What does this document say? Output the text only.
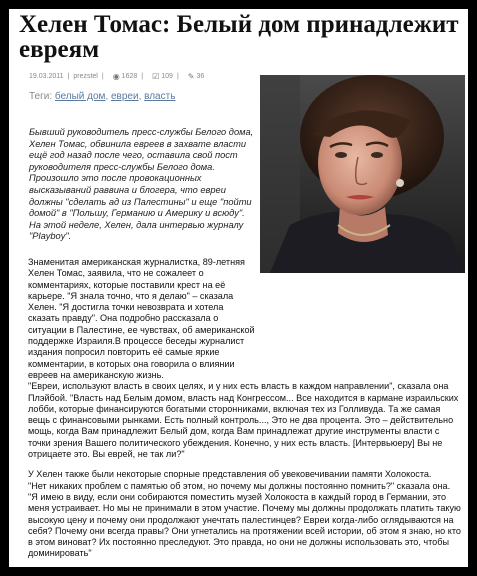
Хелен Томас: Белый дом принадлежит евреям
19.03.2011 | prezstel | ◉ 1628 | ☑ 109 | ✎ 36
Теги: белый дом, евреи, власть

Бывший руководитель пресс-службы Белого дома, Хелен Томас, обвинила евреев в захвате власти ещё год назад после чего, оставила свой пост руководителя пресс-службы Белого дома. Произошло это после провокационных высказываний раввина и блогера, что евреи должны "сделать ад из Палестины" и еще "пойти домой" в "Польшу, Германию и Америку и всюду". На этой неделе, Хелен, дала интервью журналу "Playboy".

Знаменитая американская журналистка, 89-летняя Хелен Томас, заявила, что не сожалеет о комментариях, которые поставили крест на её карьере. "Я знала точно, что я делаю" – сказала Хелен. "Я достигла точки невозврата и хотела сказать правду". Она подробно рассказала о ситуации в Палестине, ее чувствах, об американской поддержке Израиля.В процессе беседы журналист издания попросил повторить её самые яркие комментарии, в которых она говорила о влиянии евреев на американскую жизнь.

"Евреи, используют власть в своих целях, и у них есть власть в каждом направлении", сказала она Плэйбой. "Власть над Белым домом, власть над Конгрессом... Все находится в кармане израильских лобби, которые финансируются богатыми сторонниками, включая тех из Голливуда. Та же самая вещь с финансовыми рынками. Есть полный контроль..., Это не два процента. Это – действительно мощь, когда Вам принадлежит Белый дом, когда Вам принадлежат другие инструменты власти с точки зрения Вашего политического убеждения. Конечно, у них есть власть. [Интервьюеру] Вы не отрицаете это. Вы еврей, не так ли?"

У Хелен также были некоторые спорные представления об увековечивании памяти Холокоста.

"Нет никаких проблем с памятью об этом, но почему мы должны постоянно помнить?" сказала она. "Я имею в виду, если они собираются поместить музей Холокоста в каждый город в Германии, это меня устраивает. Но мы не принимали в этом участие. Почему мы должны продолжать платить такую высокую цену и почему они продолжают унечтать палестинцев? Евреи когда-либо оглядываются на себя? Почему они всегда правы? Они угнетались на протяжении всей истории, об этом я знаю, но кто в этом виноват? Их постоянно преследуют. Это правда, но они не должны использовать это, чтобы доминировать"
